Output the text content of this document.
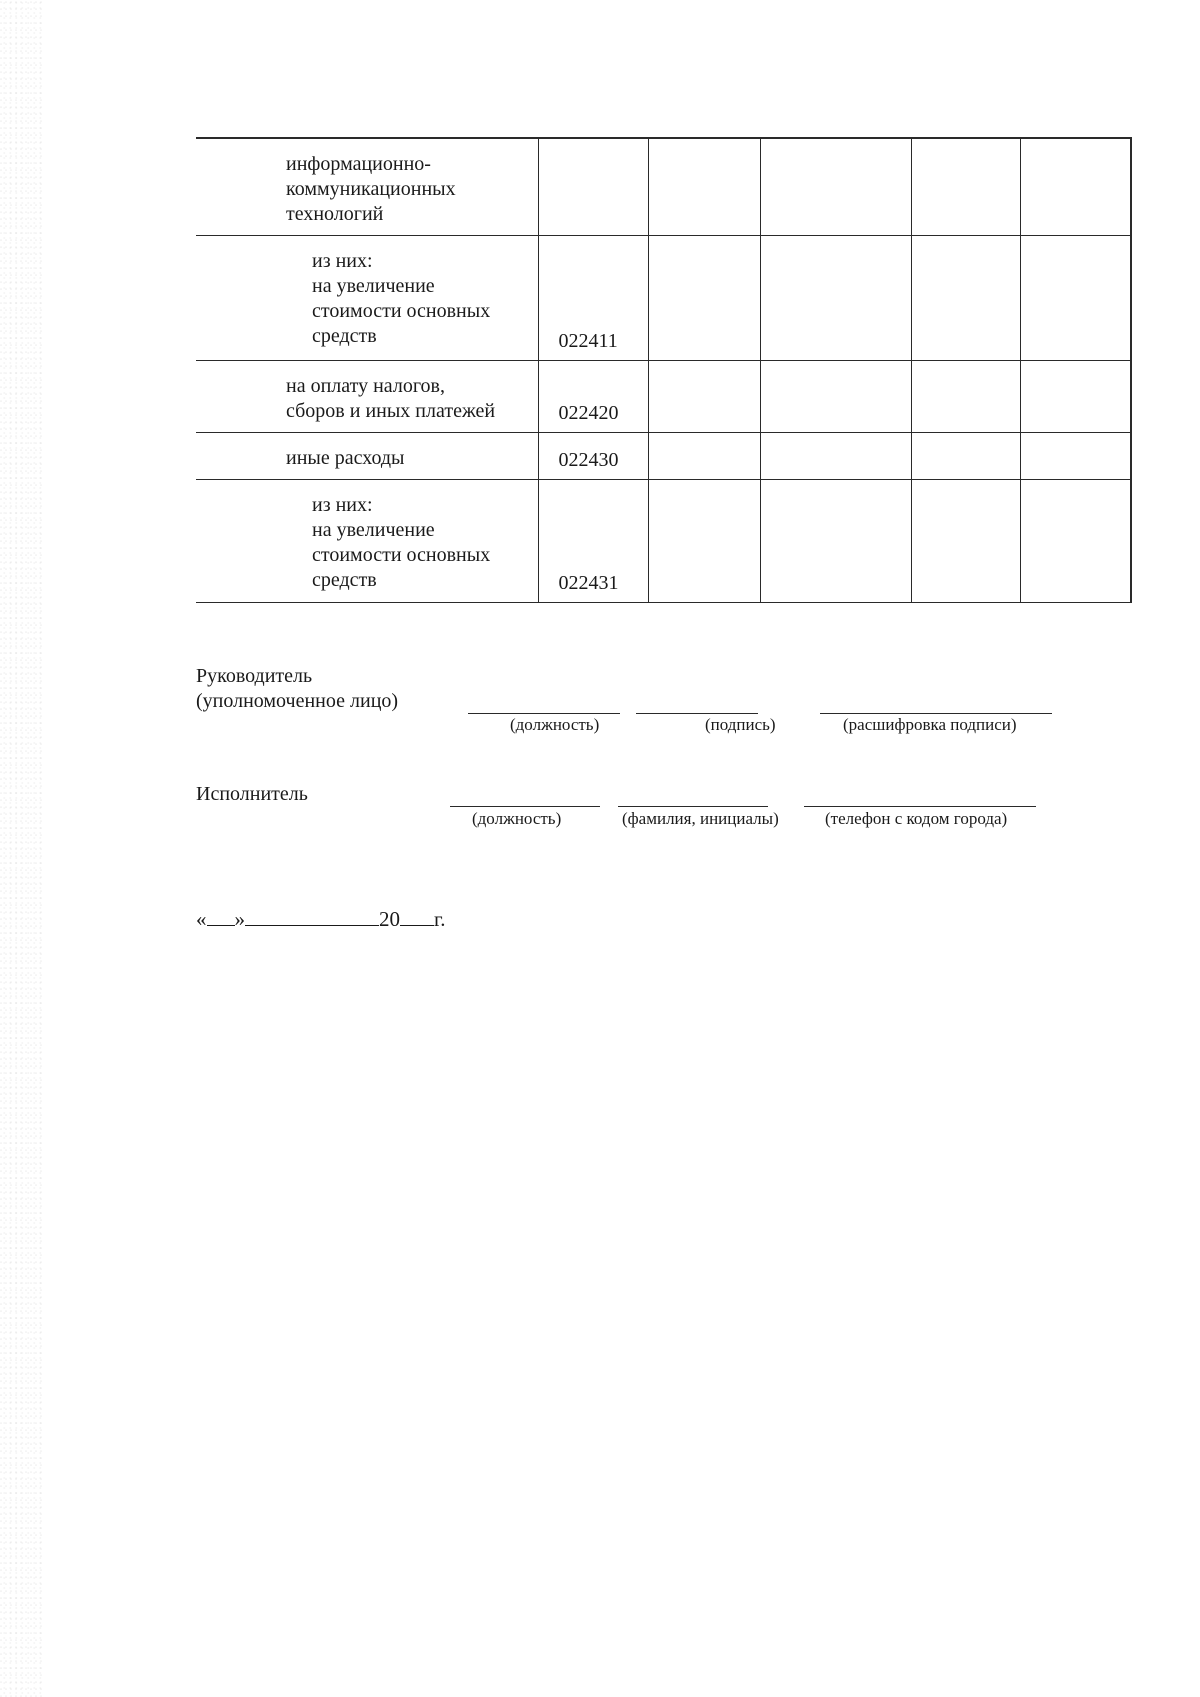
информационно-
коммуникационных
технологий					

из них:
на увеличение
стоимости основных
средств	022411				

на оплату налогов,
сборов и иных платежей	022420				

иные расходы	022430				

из них:
на увеличение
стоимости основных
средств	022431				

Руководитель
(уполномоченное лицо)
(должность)	(подпись)	(расшифровка подписи)
Исполнитель
(должность)	(фамилия, инициалы)	(телефон с кодом города)
« »	20 г.
